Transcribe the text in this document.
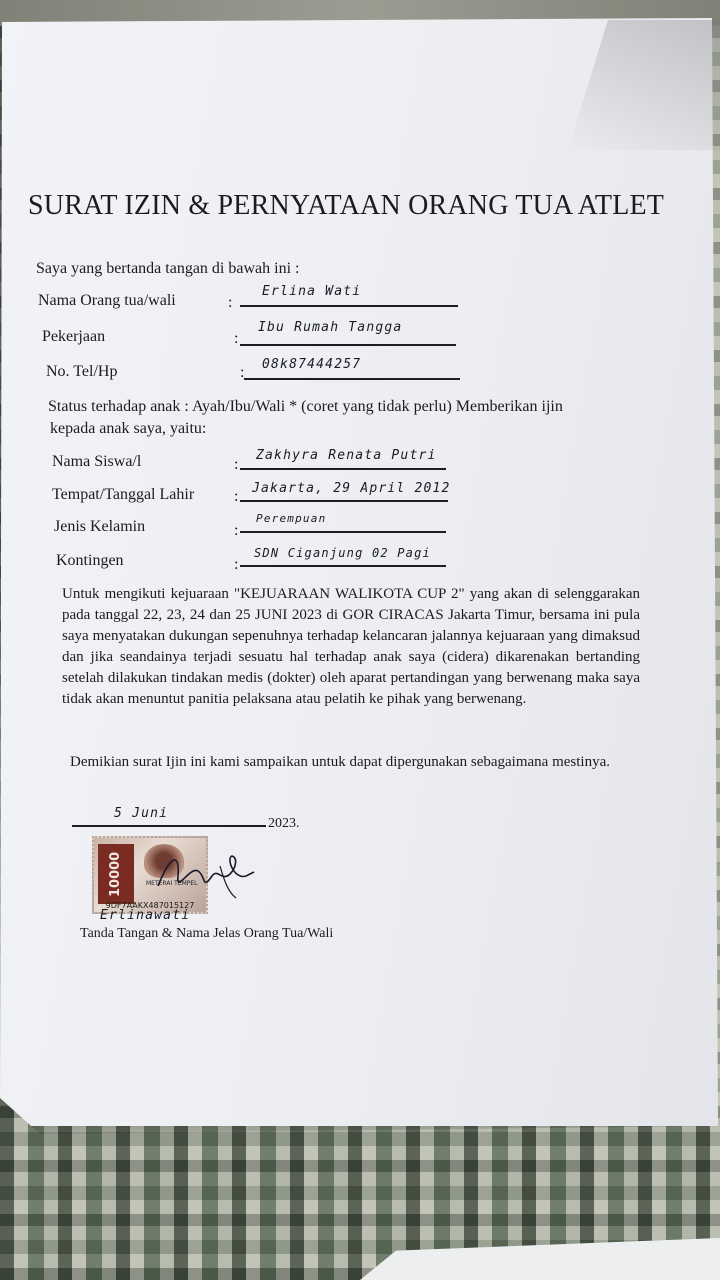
SURAT IZIN & PERNYATAAN ORANG TUA ATLET
Saya yang bertanda tangan di bawah ini :
Nama Orang tua/wali	:
Erlina Wati
Pekerjaan	:
Ibu Rumah Tangga
No. Tel/Hp	: 08k87444257
Status terhadap anak : Ayah/Ibu/Wali * (coret yang tidak perlu) Memberikan ijin
kepada anak saya, yaitu:
Nama Siswa/l	:
Zakhyra Renata Putri
Tempat/Tanggal Lahir : Jakarta, 29 April 2012
Jenis Kelamin	:
Perempuan
Kontingen	:
SDN Ciganjung 02 Pagi
Untuk mengikuti kejuaraan "KEJUARAAN WALIKOTA CUP 2" yang akan di selenggarakan pada tanggal 22, 23, 24 dan 25 JUNI 2023 di GOR CIRACAS Jakarta Timur, bersama ini pula saya menyatakan dukungan sepenuhnya terhadap kelancaran jalannya kejuaraan yang dimaksud dan jika seandainya terjadi sesuatu hal terhadap anak saya (cidera) dikarenakan bertanding setelah dilakukan tindakan medis (dokter) oleh aparat pertandingan yang berwenang maka saya tidak akan menuntut panitia pelaksana atau pelatih ke pihak yang berwenang.
Demikian surat Ijin ini kami sampaikan untuk dapat dipergunakan sebagaimana mestinya.
5 Juni
2023.
10000	METERAI TEMPEL
9DF7AAKX487015127
Erlinawati
Tanda Tangan & Nama Jelas Orang Tua/Wali
